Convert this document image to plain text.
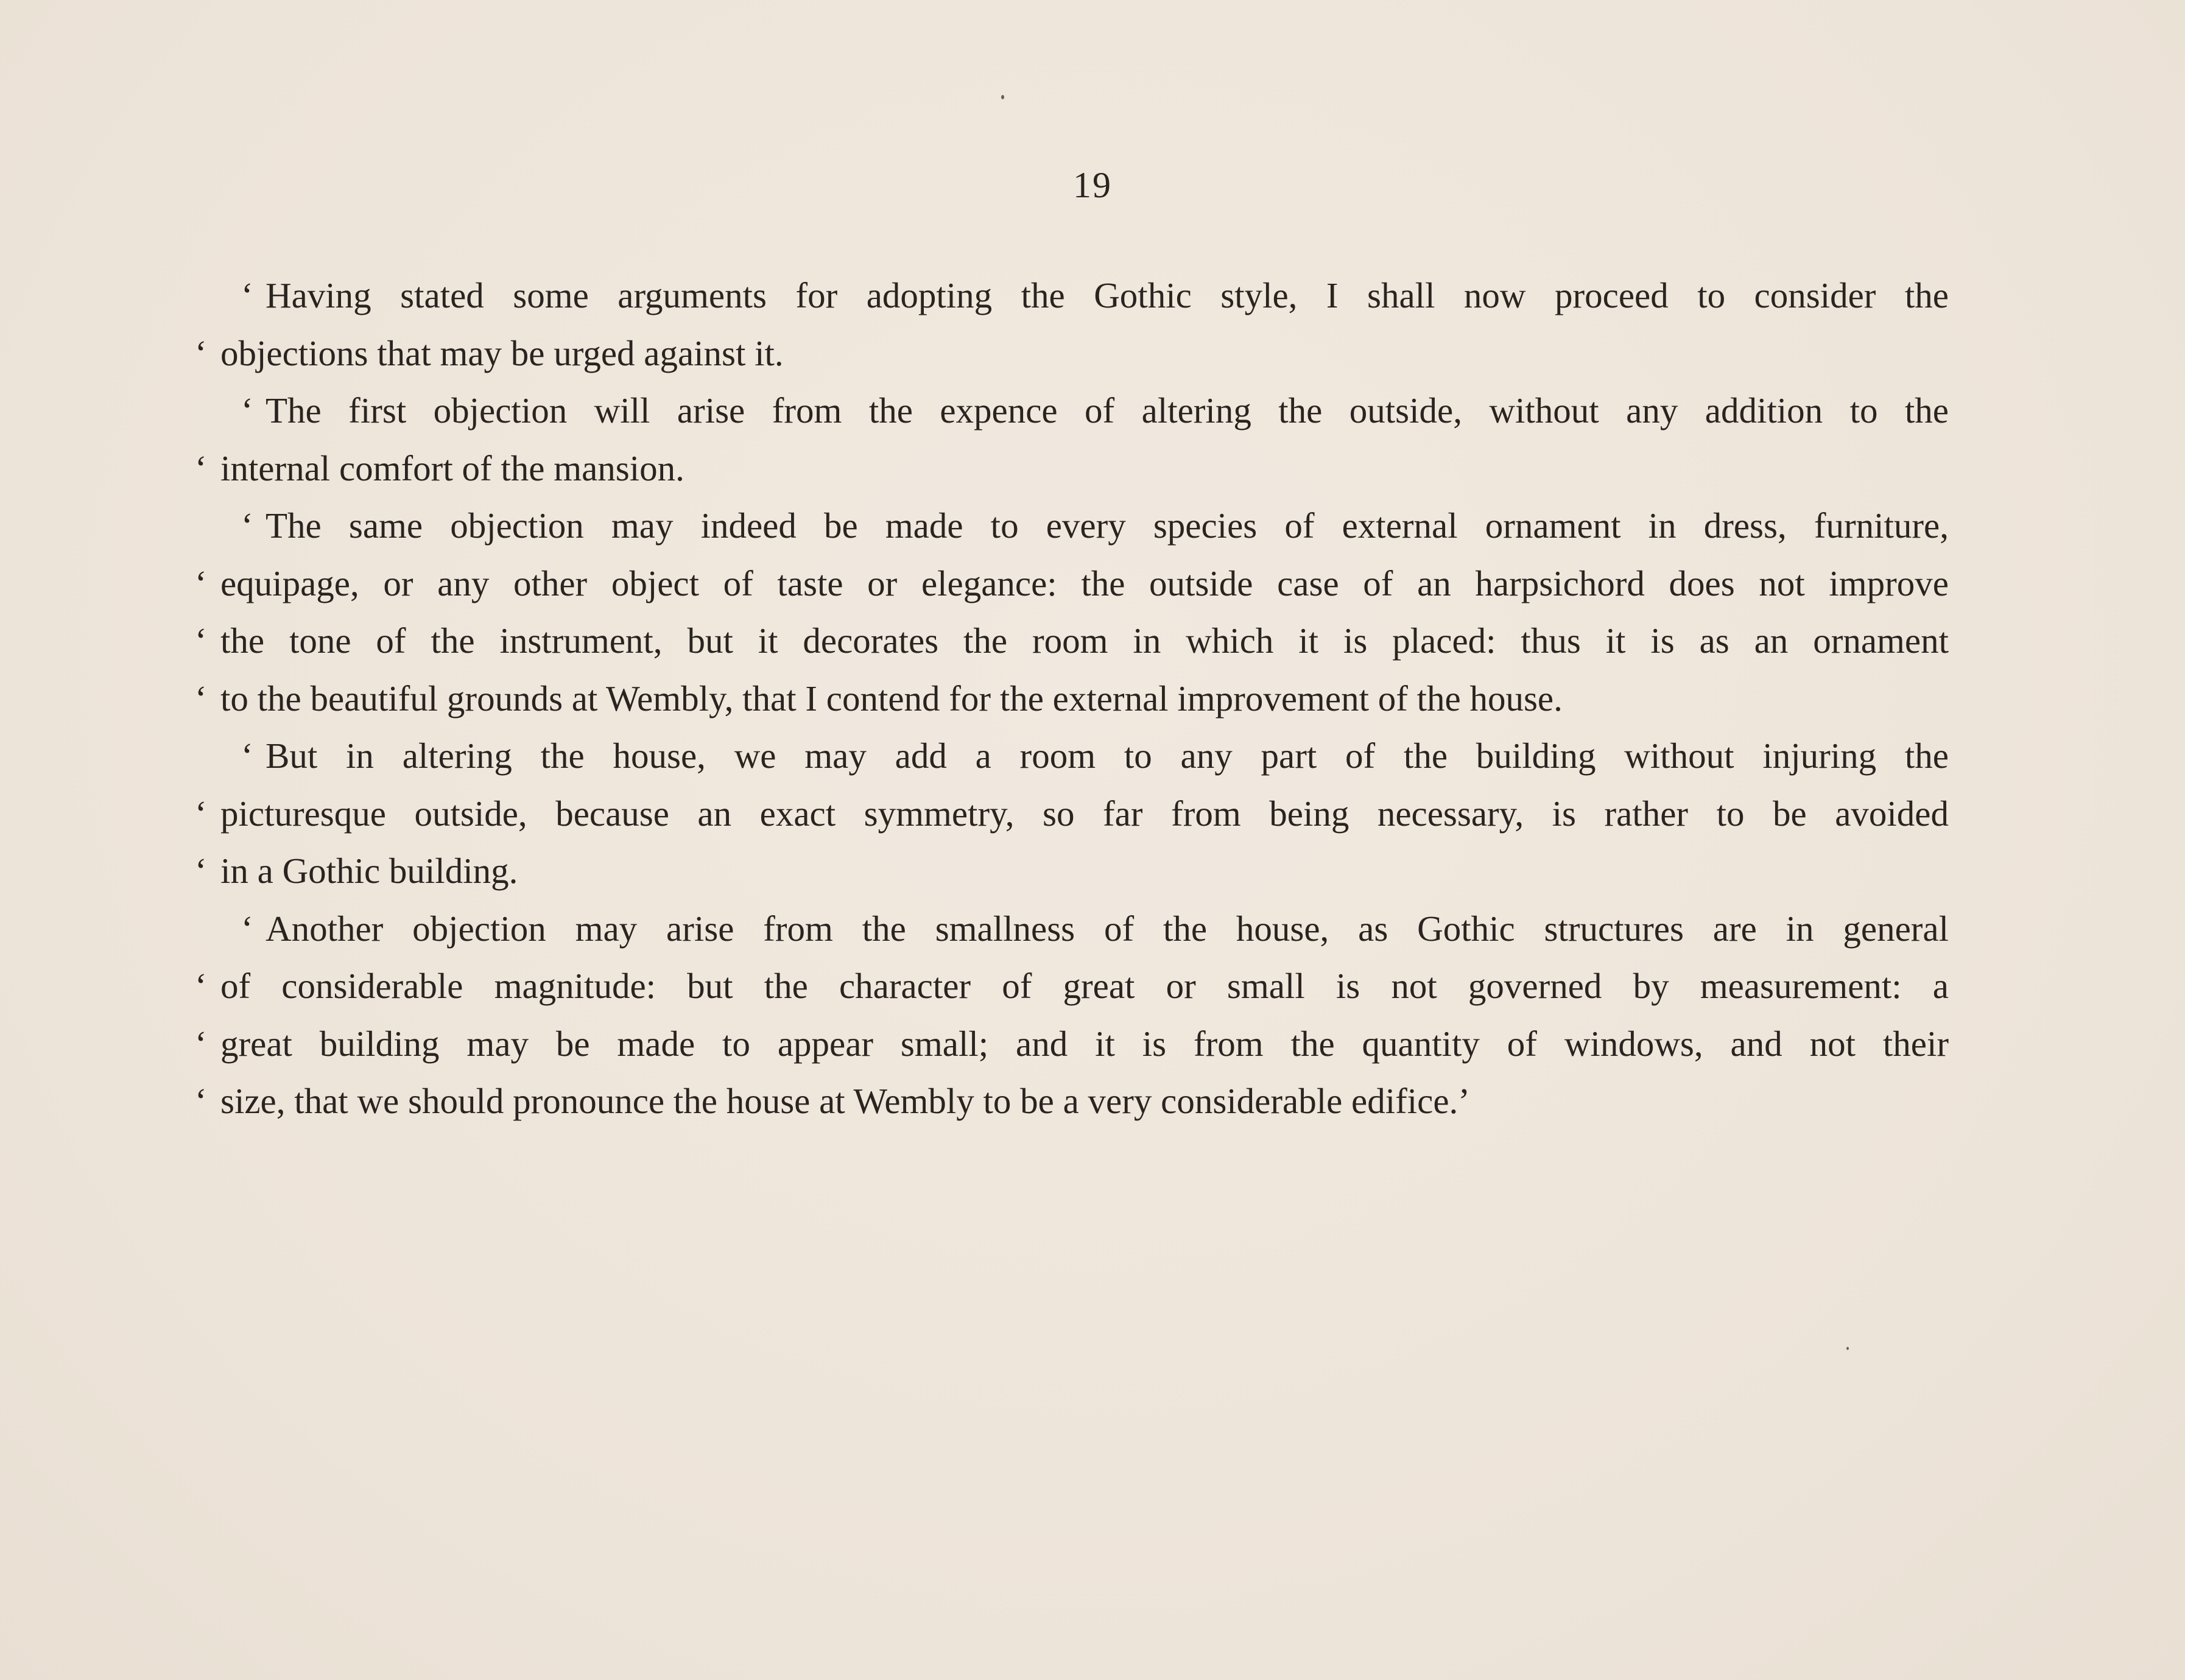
19
‘ Having stated some arguments for adopting the Gothic style, I shall now proceed to consider the
‘ objections that may be urged against it.
‘ The first objection will arise from the expence of altering the outside, without any addition to the
‘ internal comfort of the mansion.
‘ The same objection may indeed be made to every species of external ornament in dress, furniture,
‘ equipage, or any other object of taste or elegance: the outside case of an harpsichord does not improve
‘ the tone of the instrument, but it decorates the room in which it is placed: thus it is as an ornament
‘ to the beautiful grounds at Wembly, that I contend for the external improvement of the house.
‘ But in altering the house, we may add a room to any part of the building without injuring the
‘ picturesque outside, because an exact symmetry, so far from being necessary, is rather to be avoided
‘ in a Gothic building.
‘ Another objection may arise from the smallness of the house, as Gothic structures are in general
‘ of considerable magnitude: but the character of great or small is not governed by measurement: a
‘ great building may be made to appear small; and it is from the quantity of windows, and not their
‘ size, that we should pronounce the house at Wembly to be a very considerable edifice.’
